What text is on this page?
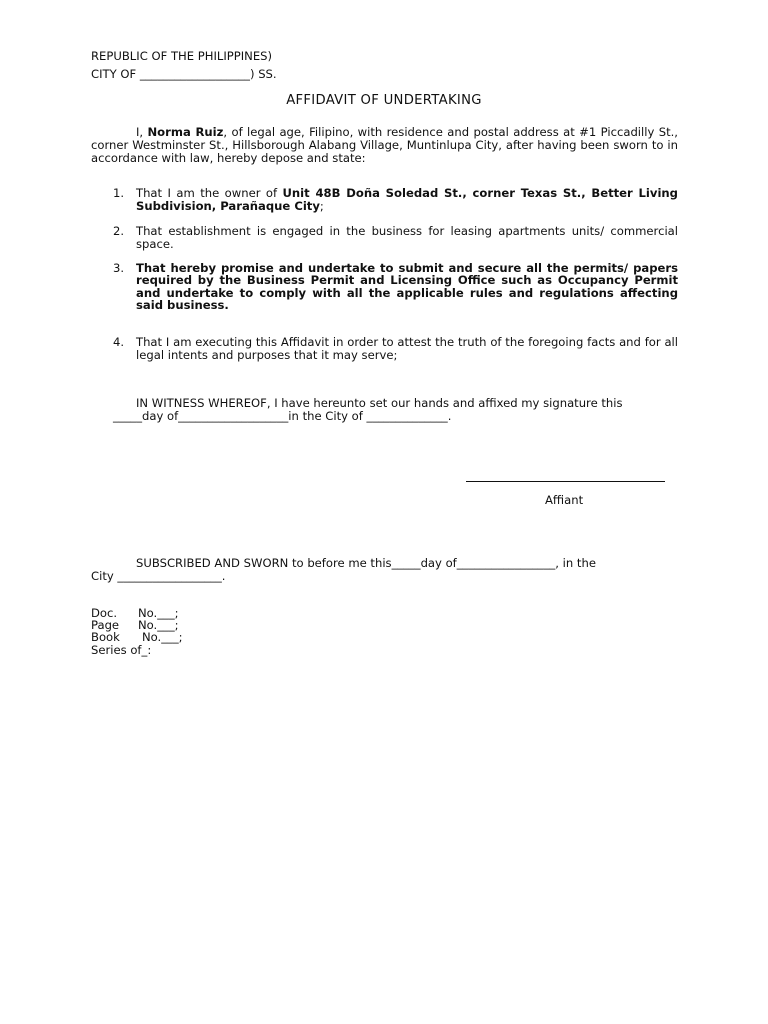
REPUBLIC OF THE PHILIPPINES)
CITY OF ___________________) SS.
AFFIDAVIT OF UNDERTAKING
I, Norma Ruiz, of legal age, Filipino, with residence and postal address at #1 Piccadilly St., corner Westminster St., Hillsborough Alabang Village, Muntinlupa City, after having been sworn to in accordance with law, hereby depose and state:
1. That I am the owner of Unit 48B Doña Soledad St., corner Texas St., Better Living Subdivision, Parañaque City;
2. That establishment is engaged in the business for leasing apartments units/ commercial space.
3. That hereby promise and undertake to submit and secure all the permits/ papers required by the Business Permit and Licensing Office such as Occupancy Permit and undertake to comply with all the applicable rules and regulations affecting said business.
4. That I am executing this Affidavit in order to attest the truth of the foregoing facts and for all legal intents and purposes that it may serve;
IN WITNESS WHEREOF, I have hereunto set our hands and affixed my signature this
_____day of___________________in the City of ______________.
Affiant
SUBSCRIBED AND SWORN to before me this_____day of_________________, in the
City __________________.
Doc. No.___;
Page No.___;
Book No.___;
Series of_:
